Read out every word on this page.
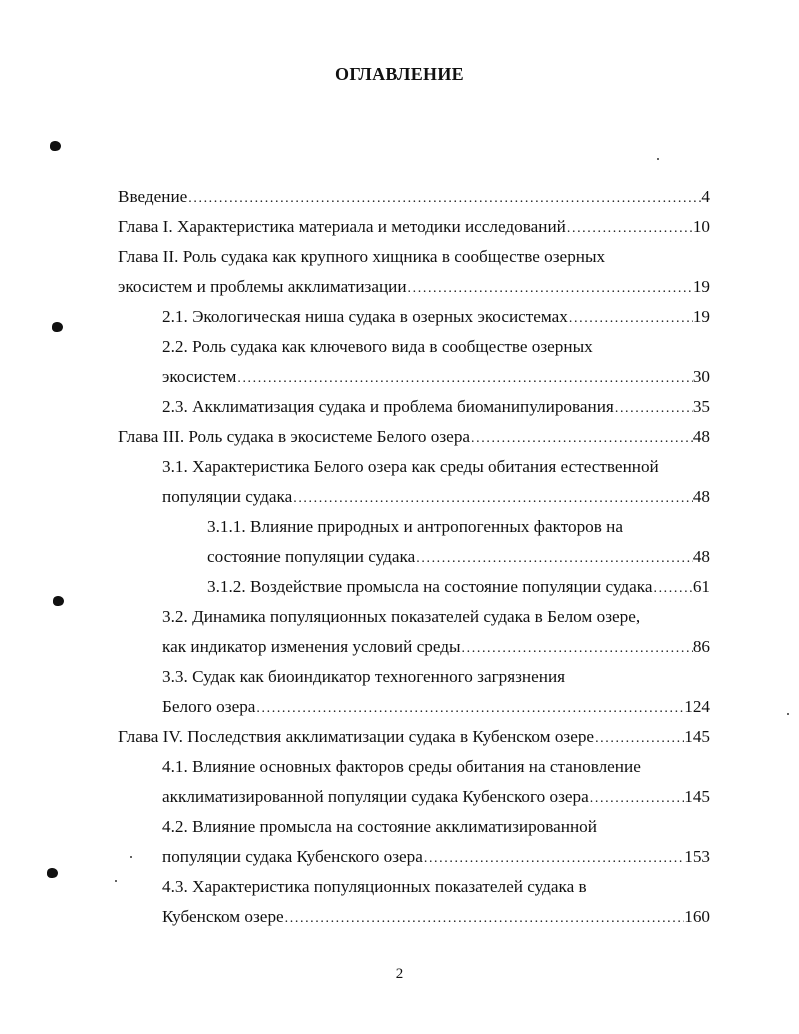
ОГЛАВЛЕНИЕ
Введение .....	4
Глава I. Характеристика материала и методики исследований .....	10
Глава II. Роль судака как крупного хищника в сообществе озерных
экосистем и проблемы акклиматизации .....	19
2.1. Экологическая ниша судака в озерных экосистемах .....	19
2.2. Роль судака как ключевого вида в сообществе озерных
экосистем .....	30
2.3. Акклиматизация судака и проблема биоманипулирования .....	35
Глава III. Роль судака в экосистеме Белого озера .....	48
3.1. Характеристика Белого озера как среды обитания естественной
популяции судака .....	48
3.1.1. Влияние природных и антропогенных факторов на
состояние популяции судака .....	48
3.1.2. Воздействие промысла на состояние популяции судака ..... 61
3.2. Динамика популяционных показателей судака в Белом озере,
как индикатор изменения условий среды .....	86
3.3. Судак как биоиндикатор техногенного загрязнения
Белого озера .....	124
Глава IV. Последствия акклиматизации судака в Кубенском озере .....	145
4.1. Влияние основных факторов среды обитания на становление
акклиматизированной популяции судака Кубенского озера .....	145
4.2. Влияние промысла на состояние акклиматизированной
популяции судака Кубенского озера .....	153
4.3. Характеристика популяционных показателей судака в
Кубенском озере .....	160
2
